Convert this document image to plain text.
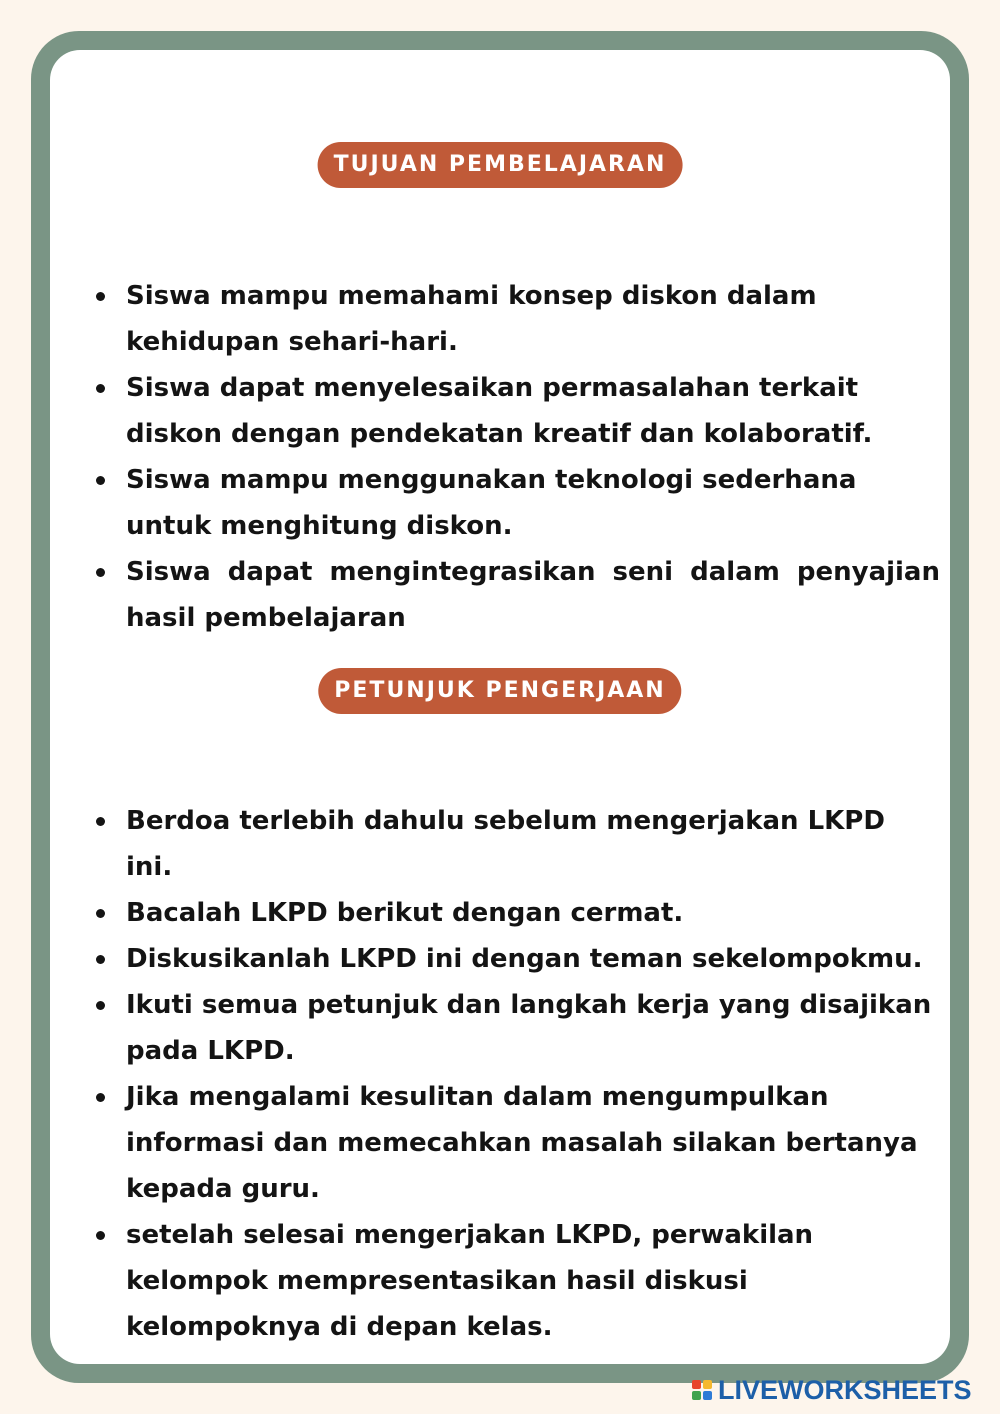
TUJUAN PEMBELAJARAN
Siswa mampu memahami konsep diskon dalam kehidupan sehari-hari.
Siswa dapat menyelesaikan permasalahan terkait diskon dengan pendekatan kreatif dan kolaboratif.
Siswa mampu menggunakan teknologi sederhana untuk menghitung diskon.
Siswa dapat mengintegrasikan seni dalam penyajian hasil pembelajaran
PETUNJUK PENGERJAAN
Berdoa terlebih dahulu sebelum mengerjakan LKPD ini.
Bacalah LKPD berikut dengan cermat.
Diskusikanlah LKPD ini dengan teman sekelompokmu.
Ikuti semua petunjuk dan langkah kerja yang disajikan pada LKPD.
Jika mengalami kesulitan dalam mengumpulkan informasi dan memecahkan masalah silakan bertanya kepada guru.
setelah selesai mengerjakan LKPD, perwakilan kelompok mempresentasikan hasil diskusi kelompoknya di depan kelas.
LIVEWORKSHEETS
